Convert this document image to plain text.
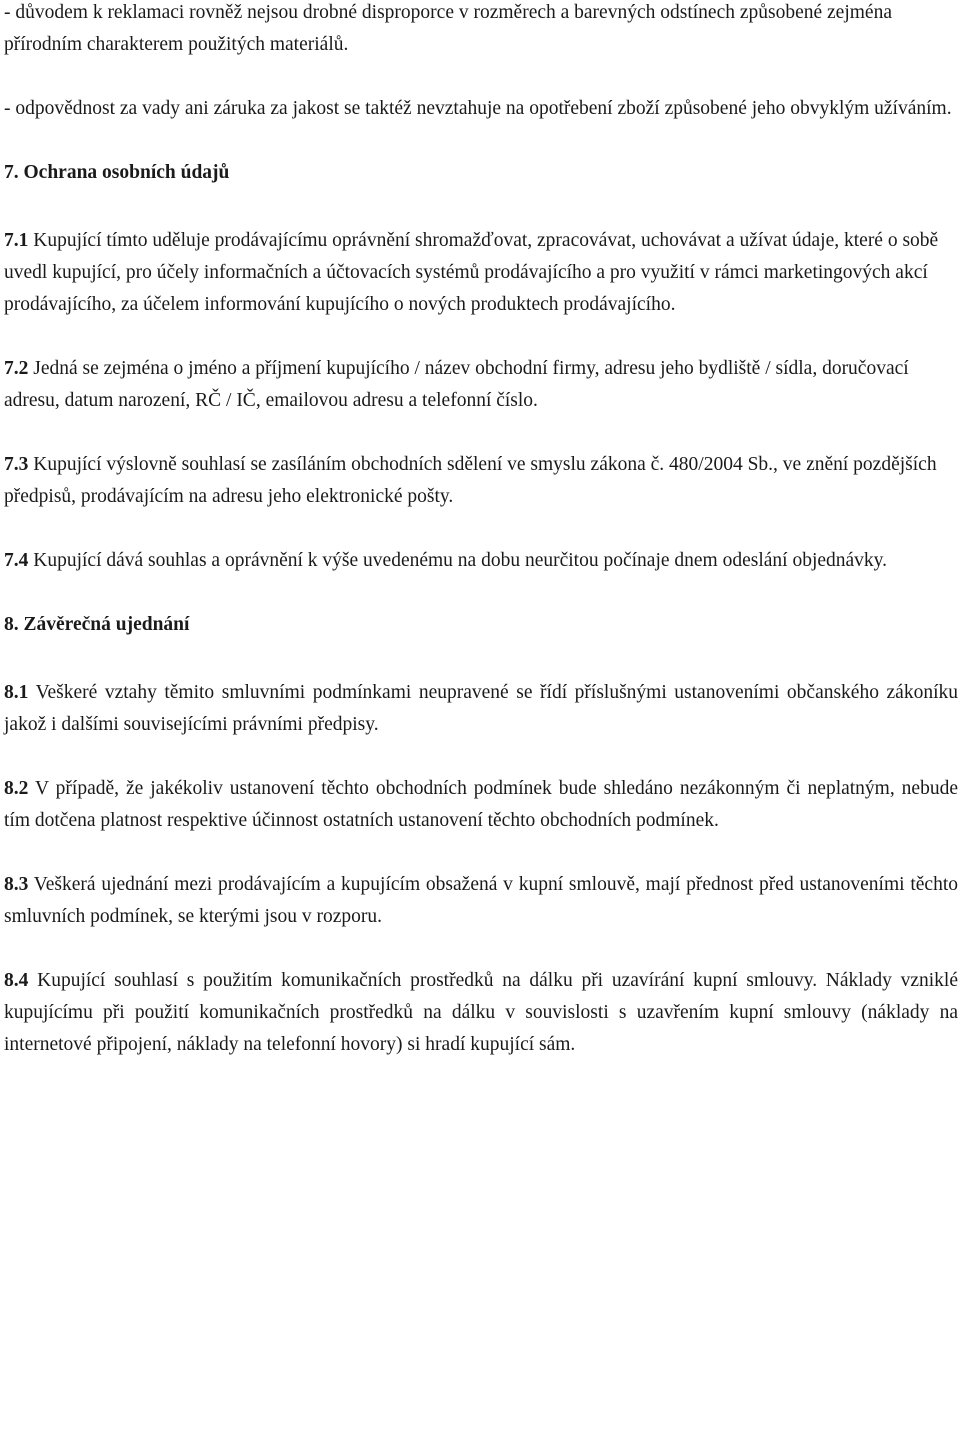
- důvodem k reklamaci rovněž nejsou drobné disproporce v rozměrech a barevných odstínech způsobené zejména přírodním charakterem použitých materiálů.

- odpovědnost za vady ani záruka za jakost se taktéž nevztahuje na opotřebení zboží způsobené jeho obvyklým užíváním.

7. Ochrana osobních údajů

7.1 Kupující tímto uděluje prodávajícímu oprávnění shromažďovat, zpracovávat, uchovávat a užívat údaje, které o sobě uvedl kupující, pro účely informačních a účtovacích systémů prodávajícího a pro využití v rámci marketingových akcí prodávajícího, za účelem informování kupujícího o nových produktech prodávajícího.

7.2 Jedná se zejména o jméno a příjmení kupujícího / název obchodní firmy, adresu jeho bydliště / sídla, doručovací adresu, datum narození, RČ / IČ, emailovou adresu a telefonní číslo.

7.3 Kupující výslovně souhlasí se zasíláním obchodních sdělení ve smyslu zákona č. 480/2004 Sb., ve znění pozdějších předpisů, prodávajícím na adresu jeho elektronické pošty.

7.4 Kupující dává souhlas a oprávnění k výše uvedenému na dobu neurčitou počínaje dnem odeslání objednávky.

8. Závěrečná ujednání

8.1 Veškeré vztahy těmito smluvními podmínkami neupravené se řídí příslušnými ustanoveními občanského zákoníku jakož i dalšími souvisejícími právními předpisy.

8.2 V případě, že jakékoliv ustanovení těchto obchodních podmínek bude shledáno nezákonným či neplatným, nebude tím dotčena platnost respektive účinnost ostatních ustanovení těchto obchodních podmínek.

8.3 Veškerá ujednání mezi prodávajícím a kupujícím obsažená v kupní smlouvě, mají přednost před ustanoveními těchto smluvních podmínek, se kterými jsou v rozporu.

8.4 Kupující souhlasí s použitím komunikačních prostředků na dálku při uzavírání kupní smlouvy. Náklady vzniklé kupujícímu při použití komunikačních prostředků na dálku v souvislosti s uzavřením kupní smlouvy (náklady na internetové připojení, náklady na telefonní hovory) si hradí kupující sám.
